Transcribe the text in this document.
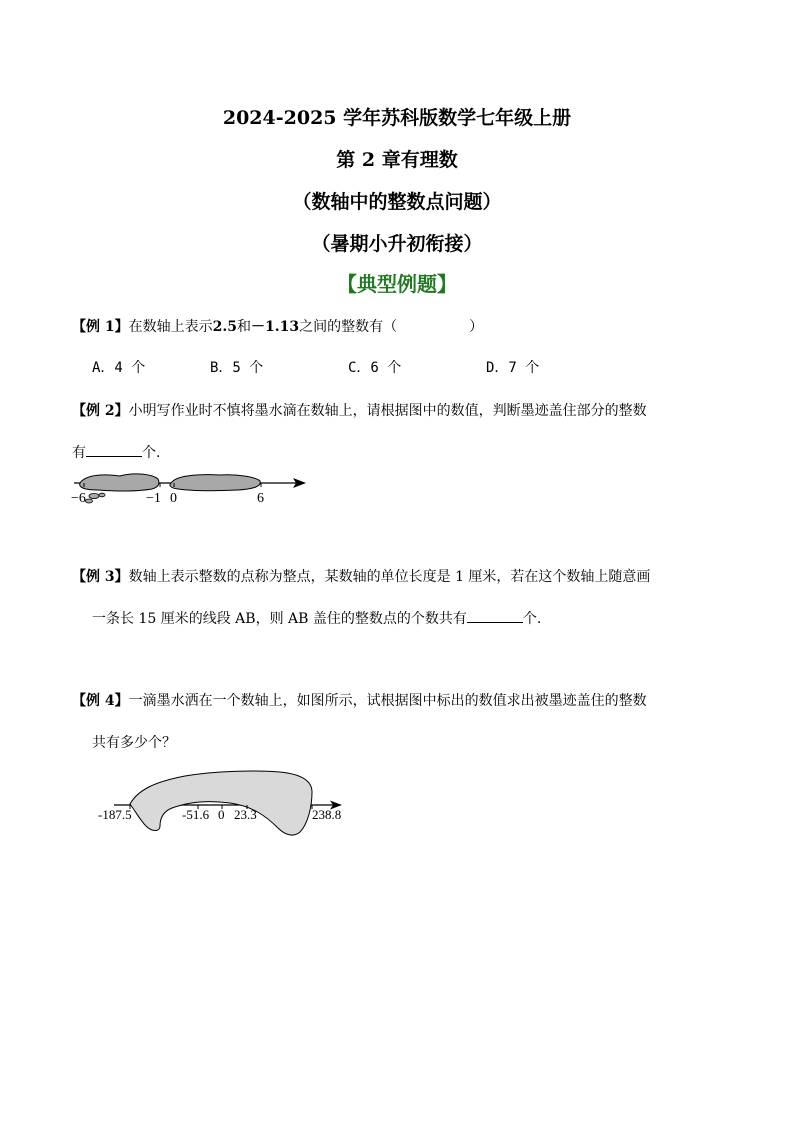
2024-2025 学年苏科版数学七年级上册
第 2 章有理数
（数轴中的整数点问题）
（暑期小升初衔接）
【典型例题】
【例 1】在数轴上表示2.5和－1.13之间的整数有（	）
A．4 个	B．5 个	C．6 个	D．7 个
【例 2】小明写作业时不慎将墨水滴在数轴上，请根据图中的数值，判断墨迹盖住部分的整数
有	个.
−6	−1 0	6
【例 3】数轴上表示整数的点称为整点，某数轴的单位长度是 1 厘米，若在这个数轴上随意画
一条长 15 厘米的线段 AB，则 AB 盖住的整数点的个数共有	个.
【例 4】一滴墨水洒在一个数轴上，如图所示，试根据图中标出的数值求出被墨迹盖住的整数
共有多少个？
-187.5	-51.6 0 23.3	238.8
